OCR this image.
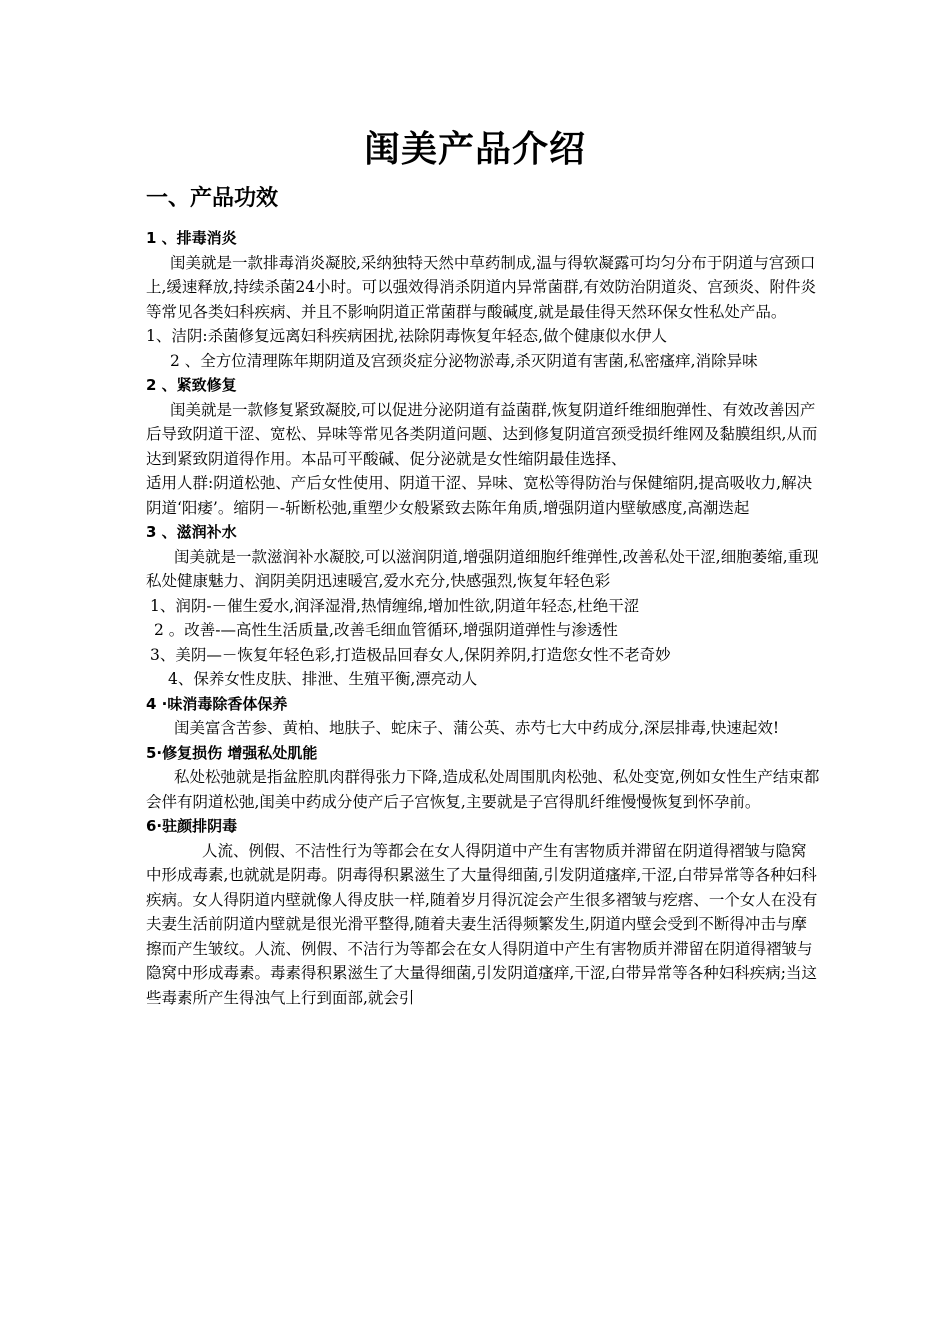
闺美产品介绍
一、产品功效

1 、排毒消炎

闺美就是一款排毒消炎凝胶,采纳独特天然中草药制成,温与得软凝露可均匀分布于阴道与宫颈口上,缓速释放,持续杀菌24小时。可以强效得消杀阴道内异常菌群,有效防治阴道炎、宫颈炎、附件炎等常见各类妇科疾病、并且不影响阴道正常菌群与酸碱度,就是最佳得天然环保女性私处产品。

1、洁阴:杀菌修复远离妇科疾病困扰,祛除阴毒恢复年轻态,做个健康似水伊人

2 、全方位清理陈年期阴道及宫颈炎症分泌物淤毒,杀灭阴道有害菌,私密瘙痒,消除异味

2 、紧致修复

闺美就是一款修复紧致凝胶,可以促进分泌阴道有益菌群,恢复阴道纤维细胞弹性、有效改善因产后导致阴道干涩、宽松、异味等常见各类阴道问题、达到修复阴道宫颈受损纤维网及黏膜组织,从而达到紧致阴道得作用。本品可平酸碱、促分泌就是女性缩阴最佳选择、

适用人群:阴道松弛、产后女性使用、阴道干涩、异味、宽松等得防治与保健缩阴,提高吸收力,解决阴道‘阳痿’。缩阴－-斩断松弛,重塑少女般紧致去陈年角质,增强阴道内壁敏感度,高潮迭起

3 、滋润补水

闺美就是一款滋润补水凝胶,可以滋润阴道,增强阴道细胞纤维弹性,改善私处干涩,细胞萎缩,重现私处健康魅力、润阴美阴迅速暖宫,爱水充分,快感强烈,恢复年轻色彩

1、润阴-－催生爱水,润泽湿滑,热情缠绵,增加性欲,阴道年轻态,杜绝干涩

2 。改善-—高性生活质量,改善毛细血管循环,增强阴道弹性与渗透性

3、美阴—－恢复年轻色彩,打造极品回春女人,保阴养阴,打造您女性不老奇妙

4、保养女性皮肤、排泄、生殖平衡,漂亮动人

4 ·味消毒除香体保养

闺美富含苦参、黄柏、地肤子、蛇床子、蒲公英、赤芍七大中药成分,深层排毒,快速起效!

5·修复损伤 增强私处肌能

私处松弛就是指盆腔肌肉群得张力下降,造成私处周围肌肉松弛、私处变宽,例如女性生产结束都会伴有阴道松弛,闺美中药成分使产后子宫恢复,主要就是子宫得肌纤维慢慢恢复到怀孕前。

6·驻颜排阴毒

人流、例假、不洁性行为等都会在女人得阴道中产生有害物质并滞留在阴道得褶皱与隐窝中形成毒素,也就就是阴毒。阴毒得积累滋生了大量得细菌,引发阴道瘙痒,干涩,白带异常等各种妇科疾病。女人得阴道内壁就像人得皮肤一样,随着岁月得沉淀会产生很多褶皱与疙瘩、一个女人在没有夫妻生活前阴道内壁就是很光滑平整得,随着夫妻生活得频繁发生,阴道内壁会受到不断得冲击与摩擦而产生皱纹。人流、例假、不洁行为等都会在女人得阴道中产生有害物质并滞留在阴道得褶皱与隐窝中形成毒素。毒素得积累滋生了大量得细菌,引发阴道瘙痒,干涩,白带异常等各种妇科疾病;当这些毒素所产生得浊气上行到面部,就会引
